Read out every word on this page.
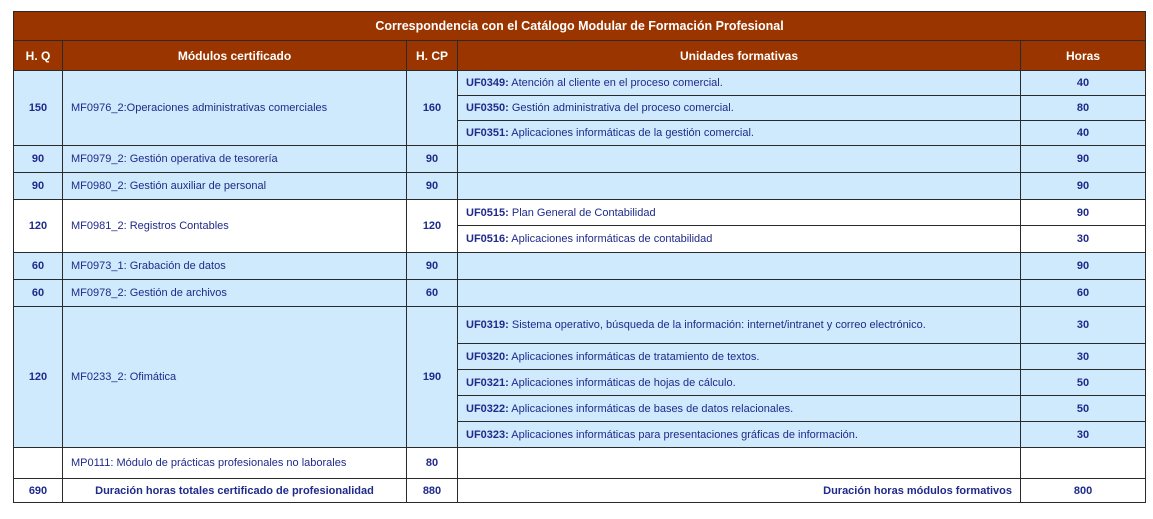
Correspondencia con el Catálogo Modular de Formación Profesional				
H. Q	Módulos certificado	H. CP	Unidades formativas	Horas
150	MF0976_2:Operaciones administrativas comerciales	160	UF0349: Atención al cliente en el proceso comercial.	40
			UF0350: Gestión administrativa del proceso comercial.	80
			UF0351: Aplicaciones informáticas de la gestión comercial.	40
90	MF0979_2: Gestión operativa de tesorería	90		90
90	MF0980_2: Gestión auxiliar de personal	90		90
120	MF0981_2: Registros Contables	120	UF0515: Plan General de Contabilidad	90
			UF0516: Aplicaciones informáticas de contabilidad	30
60	MF0973_1: Grabación de datos	90		90
60	MF0978_2: Gestión de archivos	60		60
120	MF0233_2: Ofimática	190	UF0319: Sistema operativo, búsqueda de la información: internet/intranet y correo electrónico.	30
			UF0320: Aplicaciones informáticas de tratamiento de textos.	30
			UF0321: Aplicaciones informáticas de hojas de cálculo.	50
			UF0322: Aplicaciones informáticas de bases de datos relacionales.	50
			UF0323: Aplicaciones informáticas para presentaciones gráficas de información.	30
	MP0111: Módulo de prácticas profesionales no laborales	80		
690	Duración horas totales certificado de profesionalidad	880	Duración horas módulos formativos	800
